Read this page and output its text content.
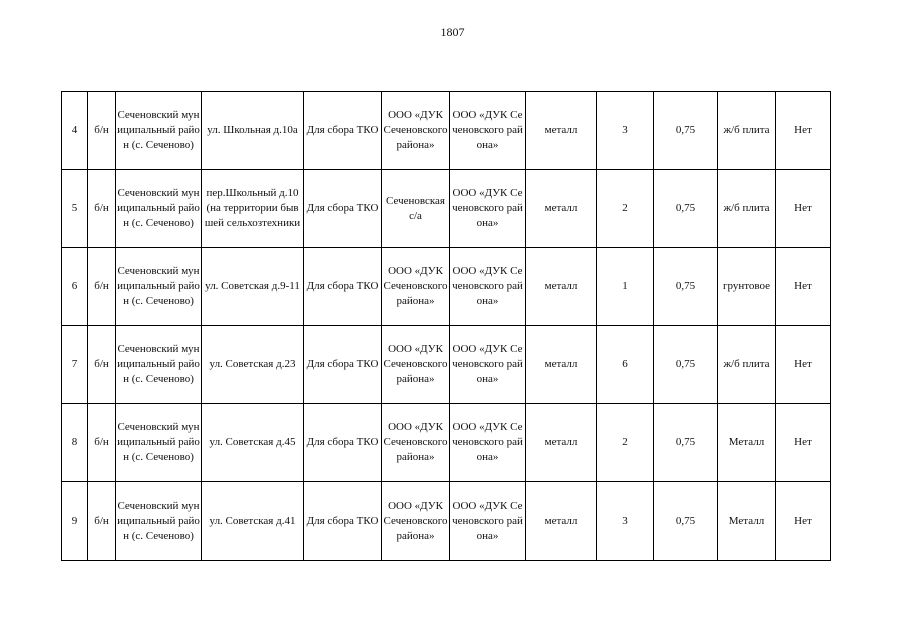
1807
4	б/н	Сеченовский муниципальный район (с. Сеченово)	ул. Школьная д.10а	Для сбора ТКО	ООО «ДУК Сеченовского района»	ООО «ДУК Сеченовского района»	металл	3	0,75	ж/б плита	Нет
5	б/н	Сеченовский муниципальный район (с. Сеченово)	пер.Школьный д.10 (на территории бывшей сельхозтехники	Для сбора ТКО	Сеченовская с/а	ООО «ДУК Сеченовского района»	металл	2	0,75	ж/б плита	Нет
6	б/н	Сеченовский муниципальный район (с. Сеченово)	ул. Советская д.9-11	Для сбора ТКО	ООО «ДУК Сеченовского района»	ООО «ДУК Сеченовского района»	металл	1	0,75	грунтовое	Нет
7	б/н	Сеченовский муниципальный район (с. Сеченово)	ул. Советская д.23	Для сбора ТКО	ООО «ДУК Сеченовского района»	ООО «ДУК Сеченовского района»	металл	6	0,75	ж/б плита	Нет
8	б/н	Сеченовский муниципальный район (с. Сеченово)	ул. Советская д.45	Для сбора ТКО	ООО «ДУК Сеченовского района»	ООО «ДУК Сеченовского района»	металл	2	0,75	Металл	Нет
9	б/н	Сеченовский муниципальный район (с. Сеченово)	ул. Советская д.41	Для сбора ТКО	ООО «ДУК Сеченовского района»	ООО «ДУК Сеченовского района»	металл	3	0,75	Металл	Нет
